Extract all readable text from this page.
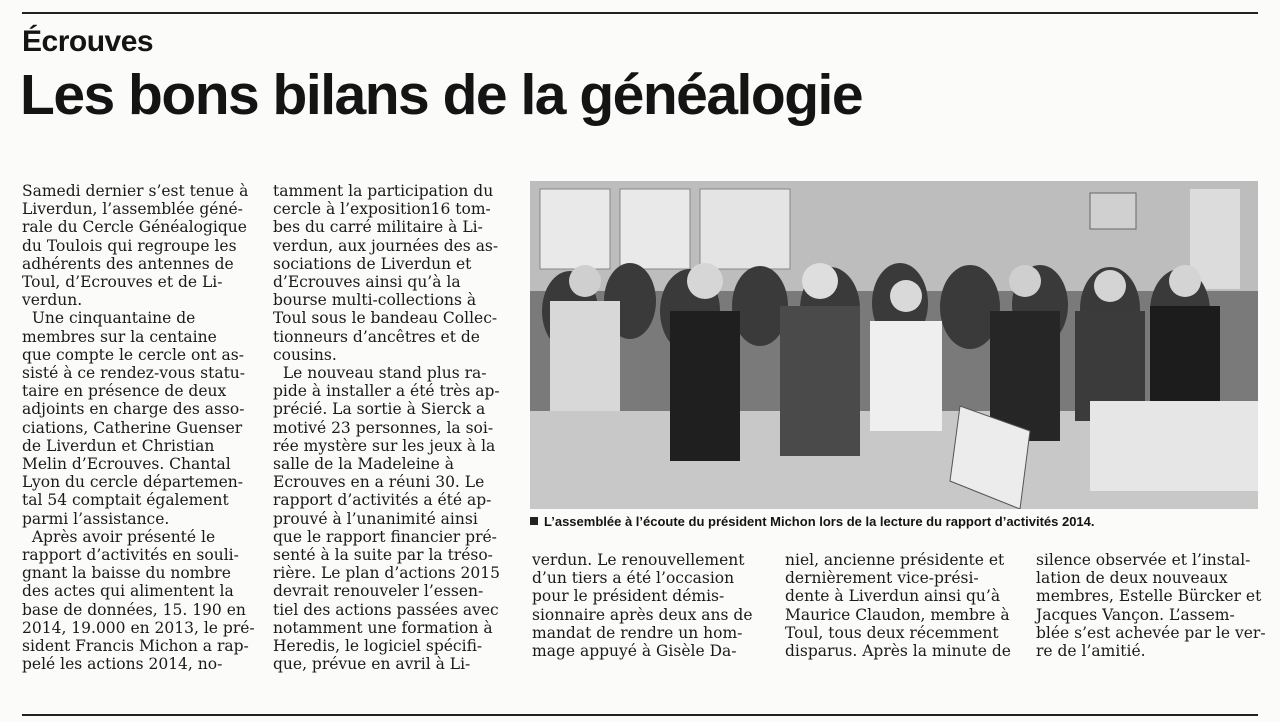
Écrouves
Les bons bilans de la généalogie
Samedi dernier s’est tenue à
Liverdun, l’assemblée géné-
rale du Cercle Généalogique
du Toulois qui regroupe les
adhérents des antennes de
Toul, d’Ecrouves et de Li-
verdun.
Une cinquantaine de
membres sur la centaine
que compte le cercle ont as-
sisté à ce rendez-vous statu-
taire en présence de deux
adjoints en charge des asso-
ciations, Catherine Guenser
de Liverdun et Christian
Melin d’Ecrouves. Chantal
Lyon du cercle départemen-
tal 54 comptait également
parmi l’assistance.
Après avoir présenté le
rapport d’activités en souli-
gnant la baisse du nombre
des actes qui alimentent la
base de données, 15. 190 en
2014, 19.000 en 2013, le pré-
sident Francis Michon a rap-
pelé les actions 2014, no-
tamment la participation du
cercle à l’exposition16 tom-
bes du carré militaire à Li-
verdun, aux journées des as-
sociations de Liverdun et
d’Ecrouves ainsi qu’à la
bourse multi-collections à
Toul sous le bandeau Collec-
tionneurs d’ancêtres et de
cousins.
Le nouveau stand plus ra-
pide à installer a été très ap-
précié. La sortie à Sierck a
motivé 23 personnes, la soi-
rée mystère sur les jeux à la
salle de la Madeleine à
Ecrouves en a réuni 30. Le
rapport d’activités a été ap-
prouvé à l’unanimité ainsi
que le rapport financier pré-
senté à la suite par la tréso-
rière. Le plan d’actions 2015
devrait renouveler l’essen-
tiel des actions passées avec
notamment une formation à
Heredis, le logiciel spécifi-
que, prévue en avril à Li-
L’assemblée à l’écoute du président Michon lors de la lecture du rapport d’activités 2014.
verdun. Le renouvellement
d’un tiers a été l’occasion
pour le président démis-
sionnaire après deux ans de
mandat de rendre un hom-
mage appuyé à Gisèle Da-
niel, ancienne présidente et
dernièrement vice-prési-
dente à Liverdun ainsi qu’à
Maurice Claudon, membre à
Toul, tous deux récemment
disparus. Après la minute de
silence observée et l’instal-
lation de deux nouveaux
membres, Estelle Bürcker et
Jacques Vançon. L’assem-
blée s’est achevée par le ver-
re de l’amitié.
